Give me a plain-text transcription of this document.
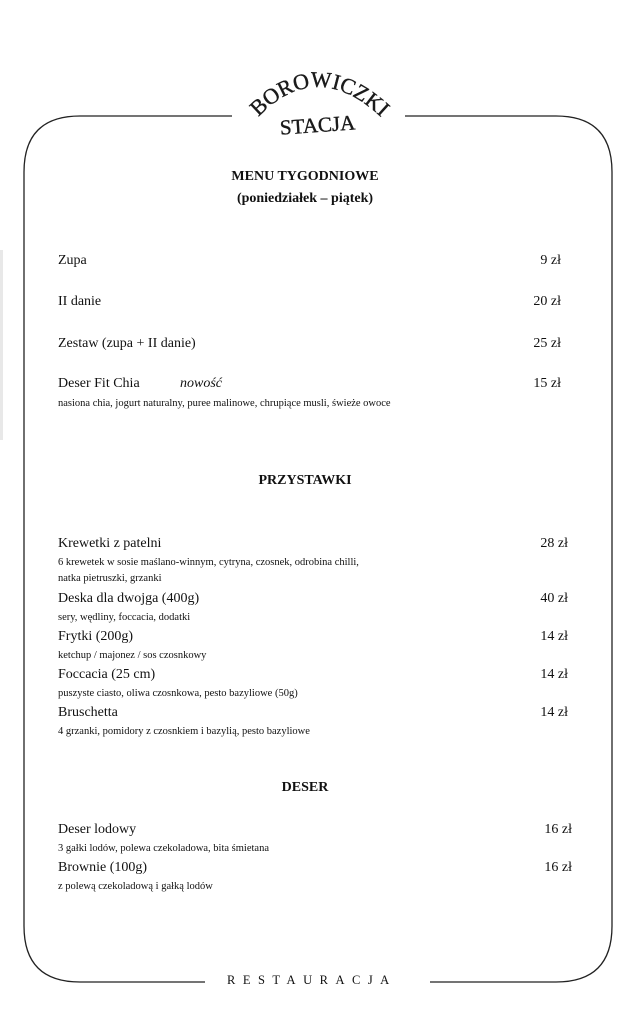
BOROWICZKI
STACJA
MENU TYGODNIOWE
(poniedziałek – piątek)
Zupa	9 zł
II danie	20 zł
Zestaw (zupa + II danie)	25 zł
Deser Fit Chia	nowość	15 zł
nasiona chia, jogurt naturalny, puree malinowe, chrupiące musli, świeże owoce
PRZYSTAWKI
Krewetki z patelni	28 zł
6 krewetek w sosie maślano-winnym, cytryna, czosnek, odrobina chilli,
natka pietruszki, grzanki
Deska dla dwojga (400g)	40 zł
sery, wędliny, foccacia, dodatki
Frytki (200g)	14 zł
ketchup / majonez / sos czosnkowy
Foccacia (25 cm)	14 zł
puszyste ciasto, oliwa czosnkowa, pesto bazyliowe (50g)
Bruschetta	14 zł
4 grzanki, pomidory z czosnkiem i bazylią, pesto bazyliowe
DESER
Deser lodowy	16 zł
3 gałki lodów, polewa czekoladowa, bita śmietana
Brownie (100g)	16 zł
z polewą czekoladową i gałką lodów
RESTAURACJA
